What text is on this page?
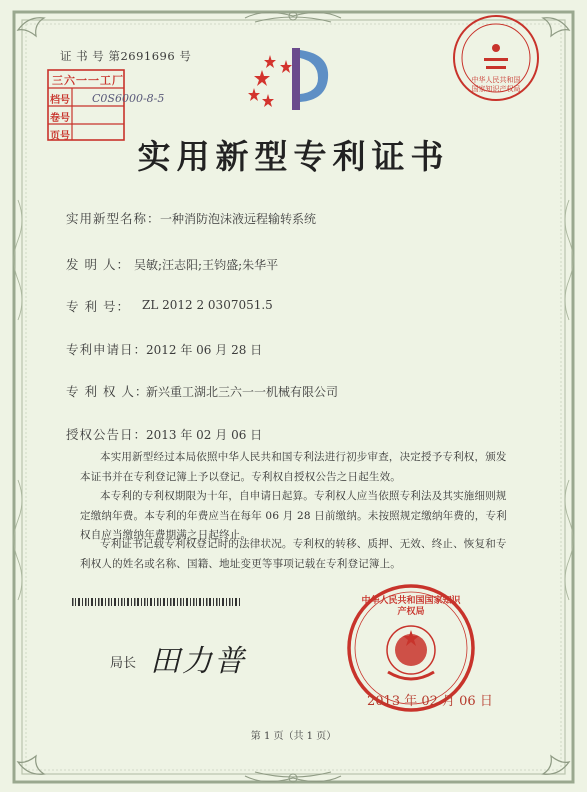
证 书 号 第2691696 号
三六一一工厂
档号
卷号
页号
C0S6000-8-5
中华人民共和国国家知识产权局
实用新型专利证书
实用新型名称： 一种消防泡沫液远程输转系统
发 明 人： 吴敏;汪志阳;王钧盛;朱华平
专 利 号： ZL 2012 2 0307051.5
专利申请日：
2012 年 06 月 28 日
专 利 权 人：
新兴重工湖北三六一一机械有限公司
授权公告日：
2013 年 02 月 06 日
本实用新型经过本局依照中华人民共和国专利法进行初步审查，决定授予专利权，颁发本证书并在专利登记簿上予以登记。专利权自授权公告之日起生效。
本专利的专利权期限为十年，自申请日起算。专利权人应当依照专利法及其实施细则规定缴纳年费。本专利的年费应当在每年 06 月 28 日前缴纳。未按照规定缴纳年费的，专利权自应当缴纳年费期满之日起终止。
专利证书记载专利权登记时的法律状况。专利权的转移、质押、无效、终止、恢复和专利权人的姓名或名称、国籍、地址变更等事项记载在专利登记簿上。
局长 田力普
中华人民共和国国家知识产权局
2013 年 02 月 06 日
第 1 页（共 1 页）
